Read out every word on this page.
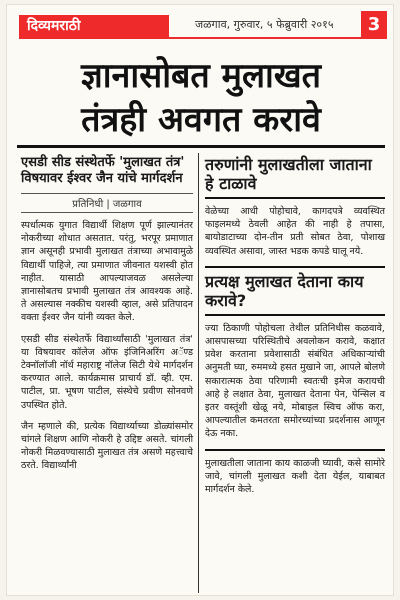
दिव्यमराठी	जळगाव, गुरुवार, ५ फेब्रुवारी २०१५	3
ज्ञानासोबत मुलाखत
तंत्रही अवगत करावे
एसडी सीड संस्थेतर्फे 'मुलाखत तंत्र' विषयावर ईश्वर जैन यांचे मार्गदर्शन
प्रतिनिधी | जळगाव

स्पर्धात्मक युगात विद्यार्थी शिक्षण पूर्ण झाल्यानंतर नोकरीच्या शोधात असतात. परंतु, भरपूर प्रमाणात ज्ञान असूनही प्रभावी मुलाखत तंत्राच्या अभावामुळे विद्यार्थी पाहिजे, त्या प्रमाणात जीवनात यशस्वी होत नाहीत. यासाठी आपल्याजवळ असलेल्या ज्ञानासोबतच प्रभावी मुलाखत तंत्र आवश्यक आहे. ते असल्यास नक्कीच यशस्वी व्हाल, असे प्रतिपादन वक्ता ईश्वर जैन यांनी व्यक्त केले.

एसडी सीड संस्थेतर्फे विद्यार्थ्यांसाठी 'मुलाखत तंत्र' या विषयावर कॉलेज ऑफ इंजिनिअरिंग अॅण्ड टेक्नॉलॉजी नॉर्थ महाराष्ट्र नॉलेज सिटी येथे मार्गदर्शन करण्यात आले. कार्यक्रमास प्राचार्य डॉ. व्ही. एम. पाटील, प्रा. भूषण पाटील, संस्थेचे प्रवीण सोनवणे उपस्थित होते.

जैन म्हणाले की, प्रत्येक विद्यार्थ्याच्या डोळ्यांसमोर चांगले शिक्षण आणि नोकरी हे उद्दिष्ट असते. चांगली नोकरी मिळवण्यासाठी मुलाखत तंत्र असणे महत्त्वाचे ठरते. विद्यार्थ्यांनी

तरुणांनी मुलाखतीला जाताना हे टाळावे

वेळेच्या आधी पोहोचावे, कागदपत्रे व्यवस्थित फाइलमध्ये ठेवली आहेत की नाही हे तपासा, बायोडाटाच्या दोन-तीन प्रती सोबत ठेवा, पोशाख व्यवस्थित असावा, जास्त भडक कपडे घालू नये.

प्रत्यक्ष मुलाखत देताना काय करावे?

ज्या ठिकाणी पोहोचला तेथील प्रतिनिधीस कळवावे, आसपासच्या परिस्थितीचे अवलोकन करावे, कक्षात प्रवेश करताना प्रवेशासाठी संबंधित अधिकाऱ्यांची अनुमती घ्या, रुममध्ये हसत मुखाने जा, आपले बोलणे सकारात्मक ठेवा परिणामी स्वतःची इमेज करायची आहे हे लक्षात ठेवा, मुलाखत देताना पेन, पेन्सिल व इतर वस्तूंशी खेळू नये, मोबाइल स्विच ऑफ करा, आपल्यातील कमतरता समोरच्यांच्या प्रदर्शनास आणून देऊ नका.

मुलाखतीला जाताना काय काळजी घ्यावी, कसे सामोरे जावे, चांगली मुलाखत कशी देता येईल, याबाबत मार्गदर्शन केले.
